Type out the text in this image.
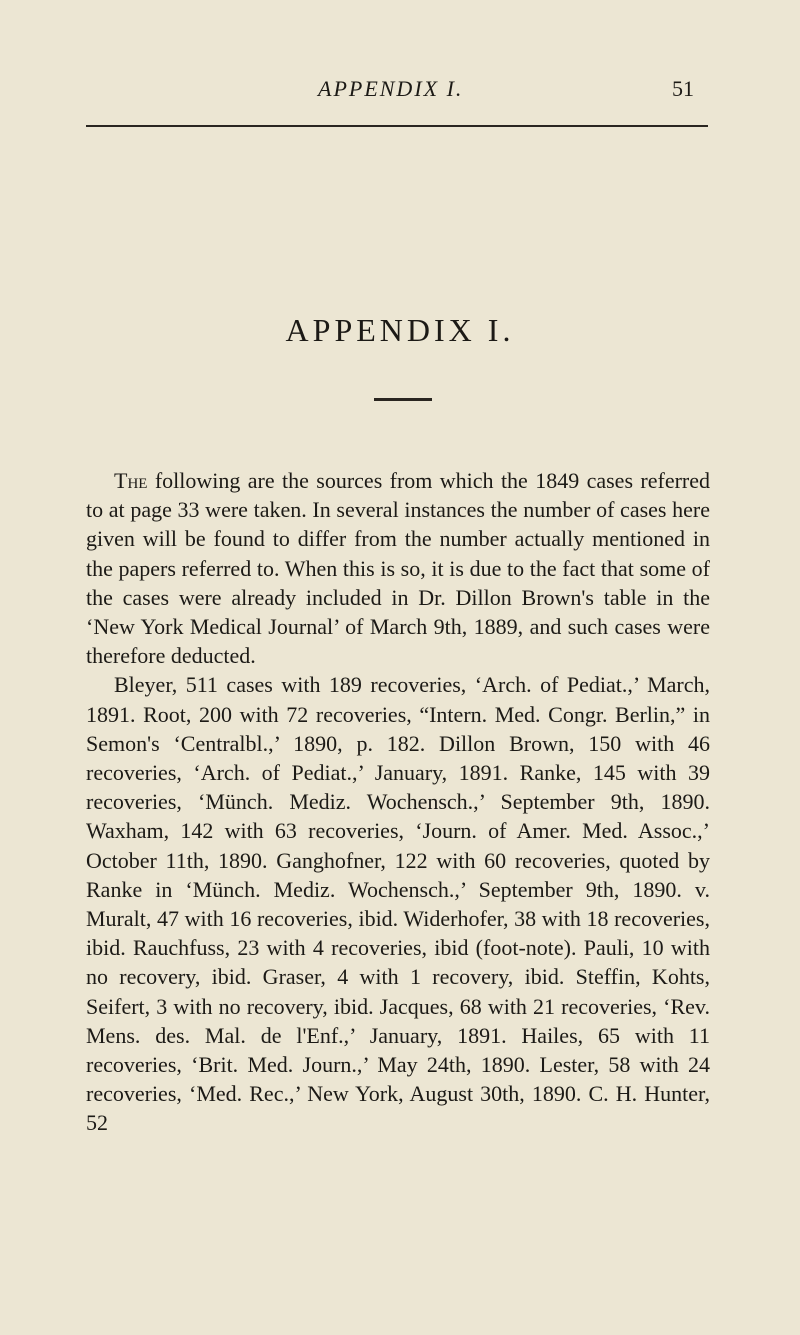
APPENDIX I.	51
APPENDIX I.

The following are the sources from which the 1849 cases referred to at page 33 were taken. In several instances the number of cases here given will be found to differ from the number actually mentioned in the papers referred to. When this is so, it is due to the fact that some of the cases were already included in Dr. Dillon Brown's table in the ‘New York Medical Journal’ of March 9th, 1889, and such cases were therefore deducted.

Bleyer, 511 cases with 189 recoveries, ‘Arch. of Pediat.,’ March, 1891. Root, 200 with 72 recoveries, “Intern. Med. Congr. Berlin,” in Semon's ‘Centralbl.,’ 1890, p. 182. Dillon Brown, 150 with 46 recoveries, ‘Arch. of Pediat.,’ January, 1891. Ranke, 145 with 39 recoveries, ‘Münch. Mediz. Wochensch.,’ September 9th, 1890. Waxham, 142 with 63 recoveries, ‘Journ. of Amer. Med. Assoc.,’ October 11th, 1890. Ganghofner, 122 with 60 recoveries, quoted by Ranke in ‘Münch. Mediz. Wochensch.,’ September 9th, 1890. v. Muralt, 47 with 16 recoveries, ibid. Widerhofer, 38 with 18 recoveries, ibid. Rauchfuss, 23 with 4 recoveries, ibid (foot-note). Pauli, 10 with no recovery, ibid. Graser, 4 with 1 recovery, ibid. Steffin, Kohts, Seifert, 3 with no recovery, ibid. Jacques, 68 with 21 recoveries, ‘Rev. Mens. des. Mal. de l'Enf.,’ January, 1891. Hailes, 65 with 11 recoveries, ‘Brit. Med. Journ.,’ May 24th, 1890. Lester, 58 with 24 recoveries, ‘Med. Rec.,’ New York, August 30th, 1890. C. H. Hunter, 52
